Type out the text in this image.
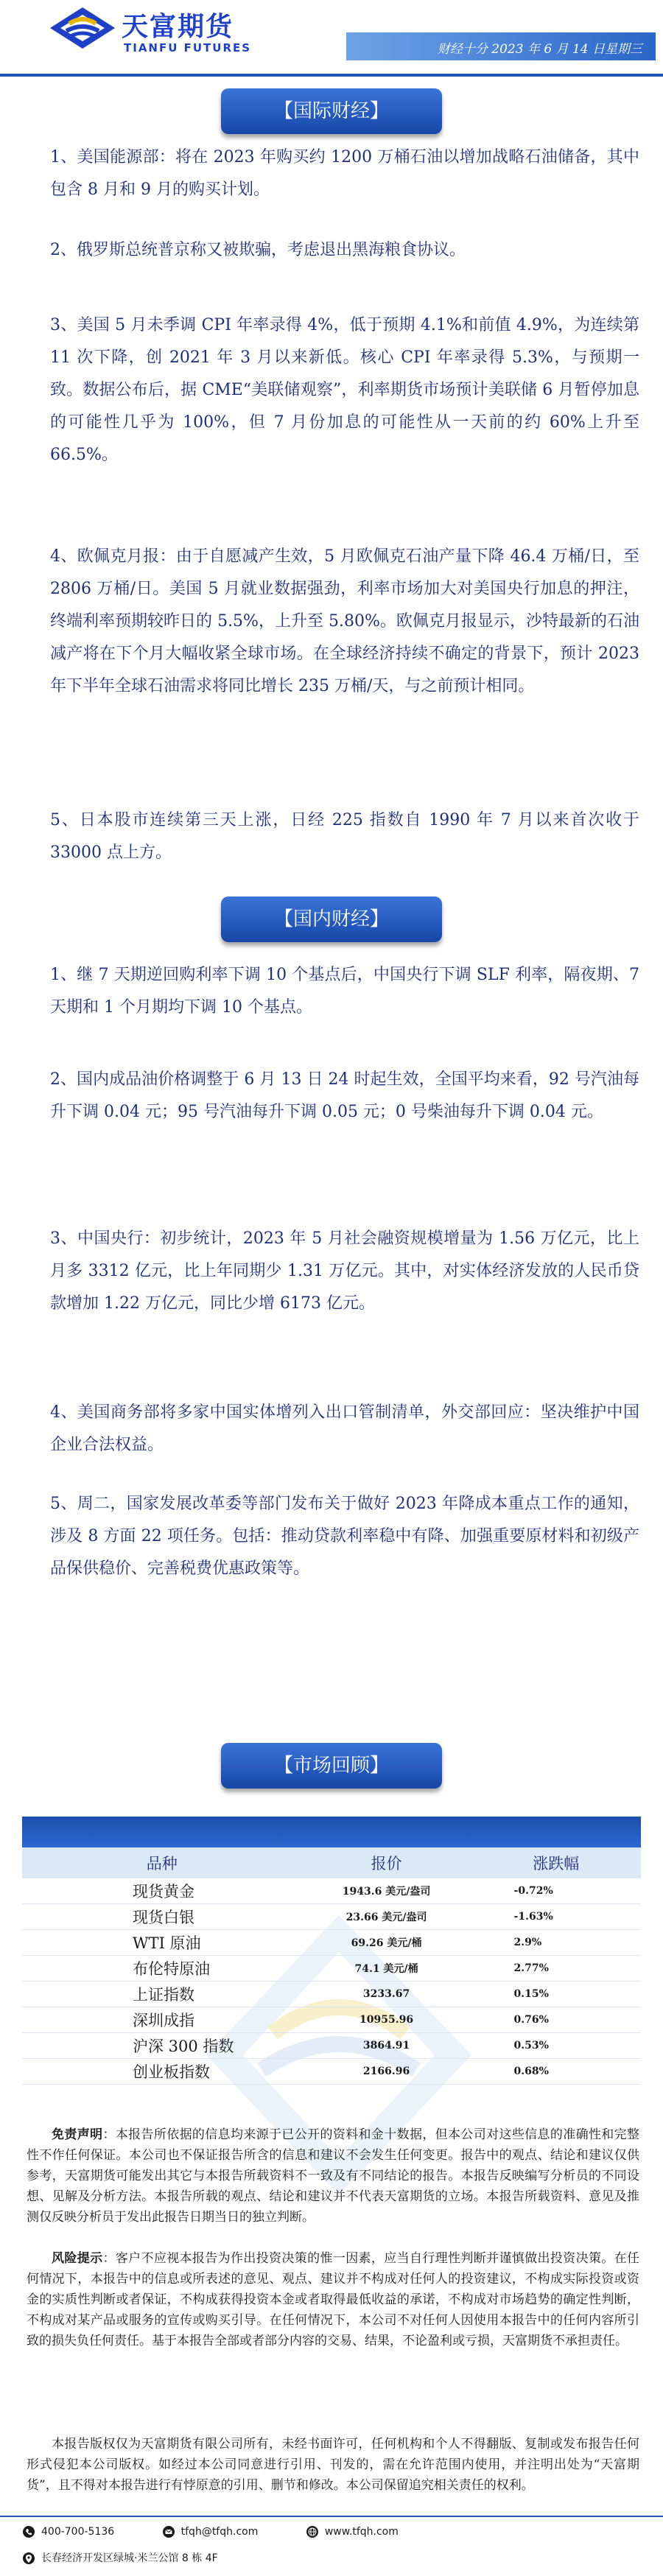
天富期货
TIANFU FUTURES	财经十分 2023 年 6 月 14 日星期三
【国际财经】

1、美国能源部：将在 2023 年购买约 1200 万桶石油以增加战略石油储备，其中包含 8 月和 9 月的购买计划。

2、俄罗斯总统普京称又被欺骗，考虑退出黑海粮食协议。

3、美国 5 月未季调 CPI 年率录得 4%，低于预期 4.1%和前值 4.9%，为连续第 11 次下降，创 2021 年 3 月以来新低。核心 CPI 年率录得 5.3%，与预期一致。数据公布后，据 CME“美联储观察”，利率期货市场预计美联储 6 月暂停加息的可能性几乎为 100%，但 7 月份加息的可能性从一天前的约 60%上升至 66.5%。

4、欧佩克月报：由于自愿减产生效，5 月欧佩克石油产量下降 46.4 万桶/日，至 2806 万桶/日。美国 5 月就业数据强劲，利率市场加大对美国央行加息的押注，终端利率预期较昨日的 5.5%，上升至 5.80%。欧佩克月报显示，沙特最新的石油减产将在下个月大幅收紧全球市场。在全球经济持续不确定的背景下，预计 2023 年下半年全球石油需求将同比增长 235 万桶/天，与之前预计相同。

5、日本股市连续第三天上涨，日经 225 指数自 1990 年 7 月以来首次收于 33000 点上方。

【国内财经】

1、继 7 天期逆回购利率下调 10 个基点后，中国央行下调 SLF 利率，隔夜期、7 天期和 1 个月期均下调 10 个基点。

2、国内成品油价格调整于 6 月 13 日 24 时起生效，全国平均来看，92 号汽油每升下调 0.04 元；95 号汽油每升下调 0.05 元；0 号柴油每升下调 0.04 元。

3、中国央行：初步统计，2023 年 5 月社会融资规模增量为 1.56 万亿元，比上月多 3312 亿元，比上年同期少 1.31 万亿元。其中，对实体经济发放的人民币贷款增加 1.22 万亿元，同比少增 6173 亿元。

4、美国商务部将多家中国实体增列入出口管制清单，外交部回应：坚决维护中国企业合法权益。

5、周二，国家发展改革委等部门发布关于做好 2023 年降成本重点工作的通知，涉及 8 方面 22 项任务。包括：推动贷款利率稳中有降、加强重要原材料和初级产品保供稳价、完善税费优惠政策等。

【市场回顾】
品种	报价	涨跌幅
现货黄金	1943.6 美元/盎司	-0.72%
现货白银	23.66 美元/盎司	-1.63%
WTI 原油	69.26 美元/桶	2.9%
布伦特原油	74.1 美元/桶	2.77%
上证指数	3233.67	0.15%
深圳成指	10955.96	0.76%
沪深 300 指数	3864.91	0.53%
创业板指数	2166.96	0.68%

免责声明：本报告所依据的信息均来源于已公开的资料和金十数据，但本公司对这些信息的准确性和完整性不作任何保证。本公司也不保证报告所含的信息和建议不会发生任何变更。报告中的观点、结论和建议仅供参考，天富期货可能发出其它与本报告所载资料不一致及有不同结论的报告。本报告反映编写分析员的不同设想、见解及分析方法。本报告所载的观点、结论和建议并不代表天富期货的立场。本报告所载资料、意见及推测仅反映分析员于发出此报告日期当日的独立判断。

风险提示：客户不应视本报告为作出投资决策的惟一因素，应当自行理性判断并谨慎做出投资决策。在任何情况下，本报告中的信息或所表述的意见、观点、建议并不构成对任何人的投资建议，不构成实际投资或资金的实质性判断或者保证，不构成获得投资本金或者取得最低收益的承诺，不构成对市场趋势的确定性判断，不构成对某产品或服务的宣传或购买引导。在任何情况下，本公司不对任何人因使用本报告中的任何内容所引致的损失负任何责任。基于本报告全部或者部分内容的交易、结果，不论盈利或亏损，天富期货不承担责任。

本报告版权仅为天富期货有限公司所有，未经书面许可，任何机构和个人不得翻版、复制或发布报告任何形式侵犯本公司版权。如经过本公司同意进行引用、刊发的，需在允许范围内使用，并注明出处为“天富期货”，且不得对本报告进行有悖原意的引用、删节和修改。本公司保留追究相关责任的权利。

400-700-5136	tfqh@tfqh.com	www.tfqh.com
长春经济开发区绿城·米兰公馆 8 栋 4F
